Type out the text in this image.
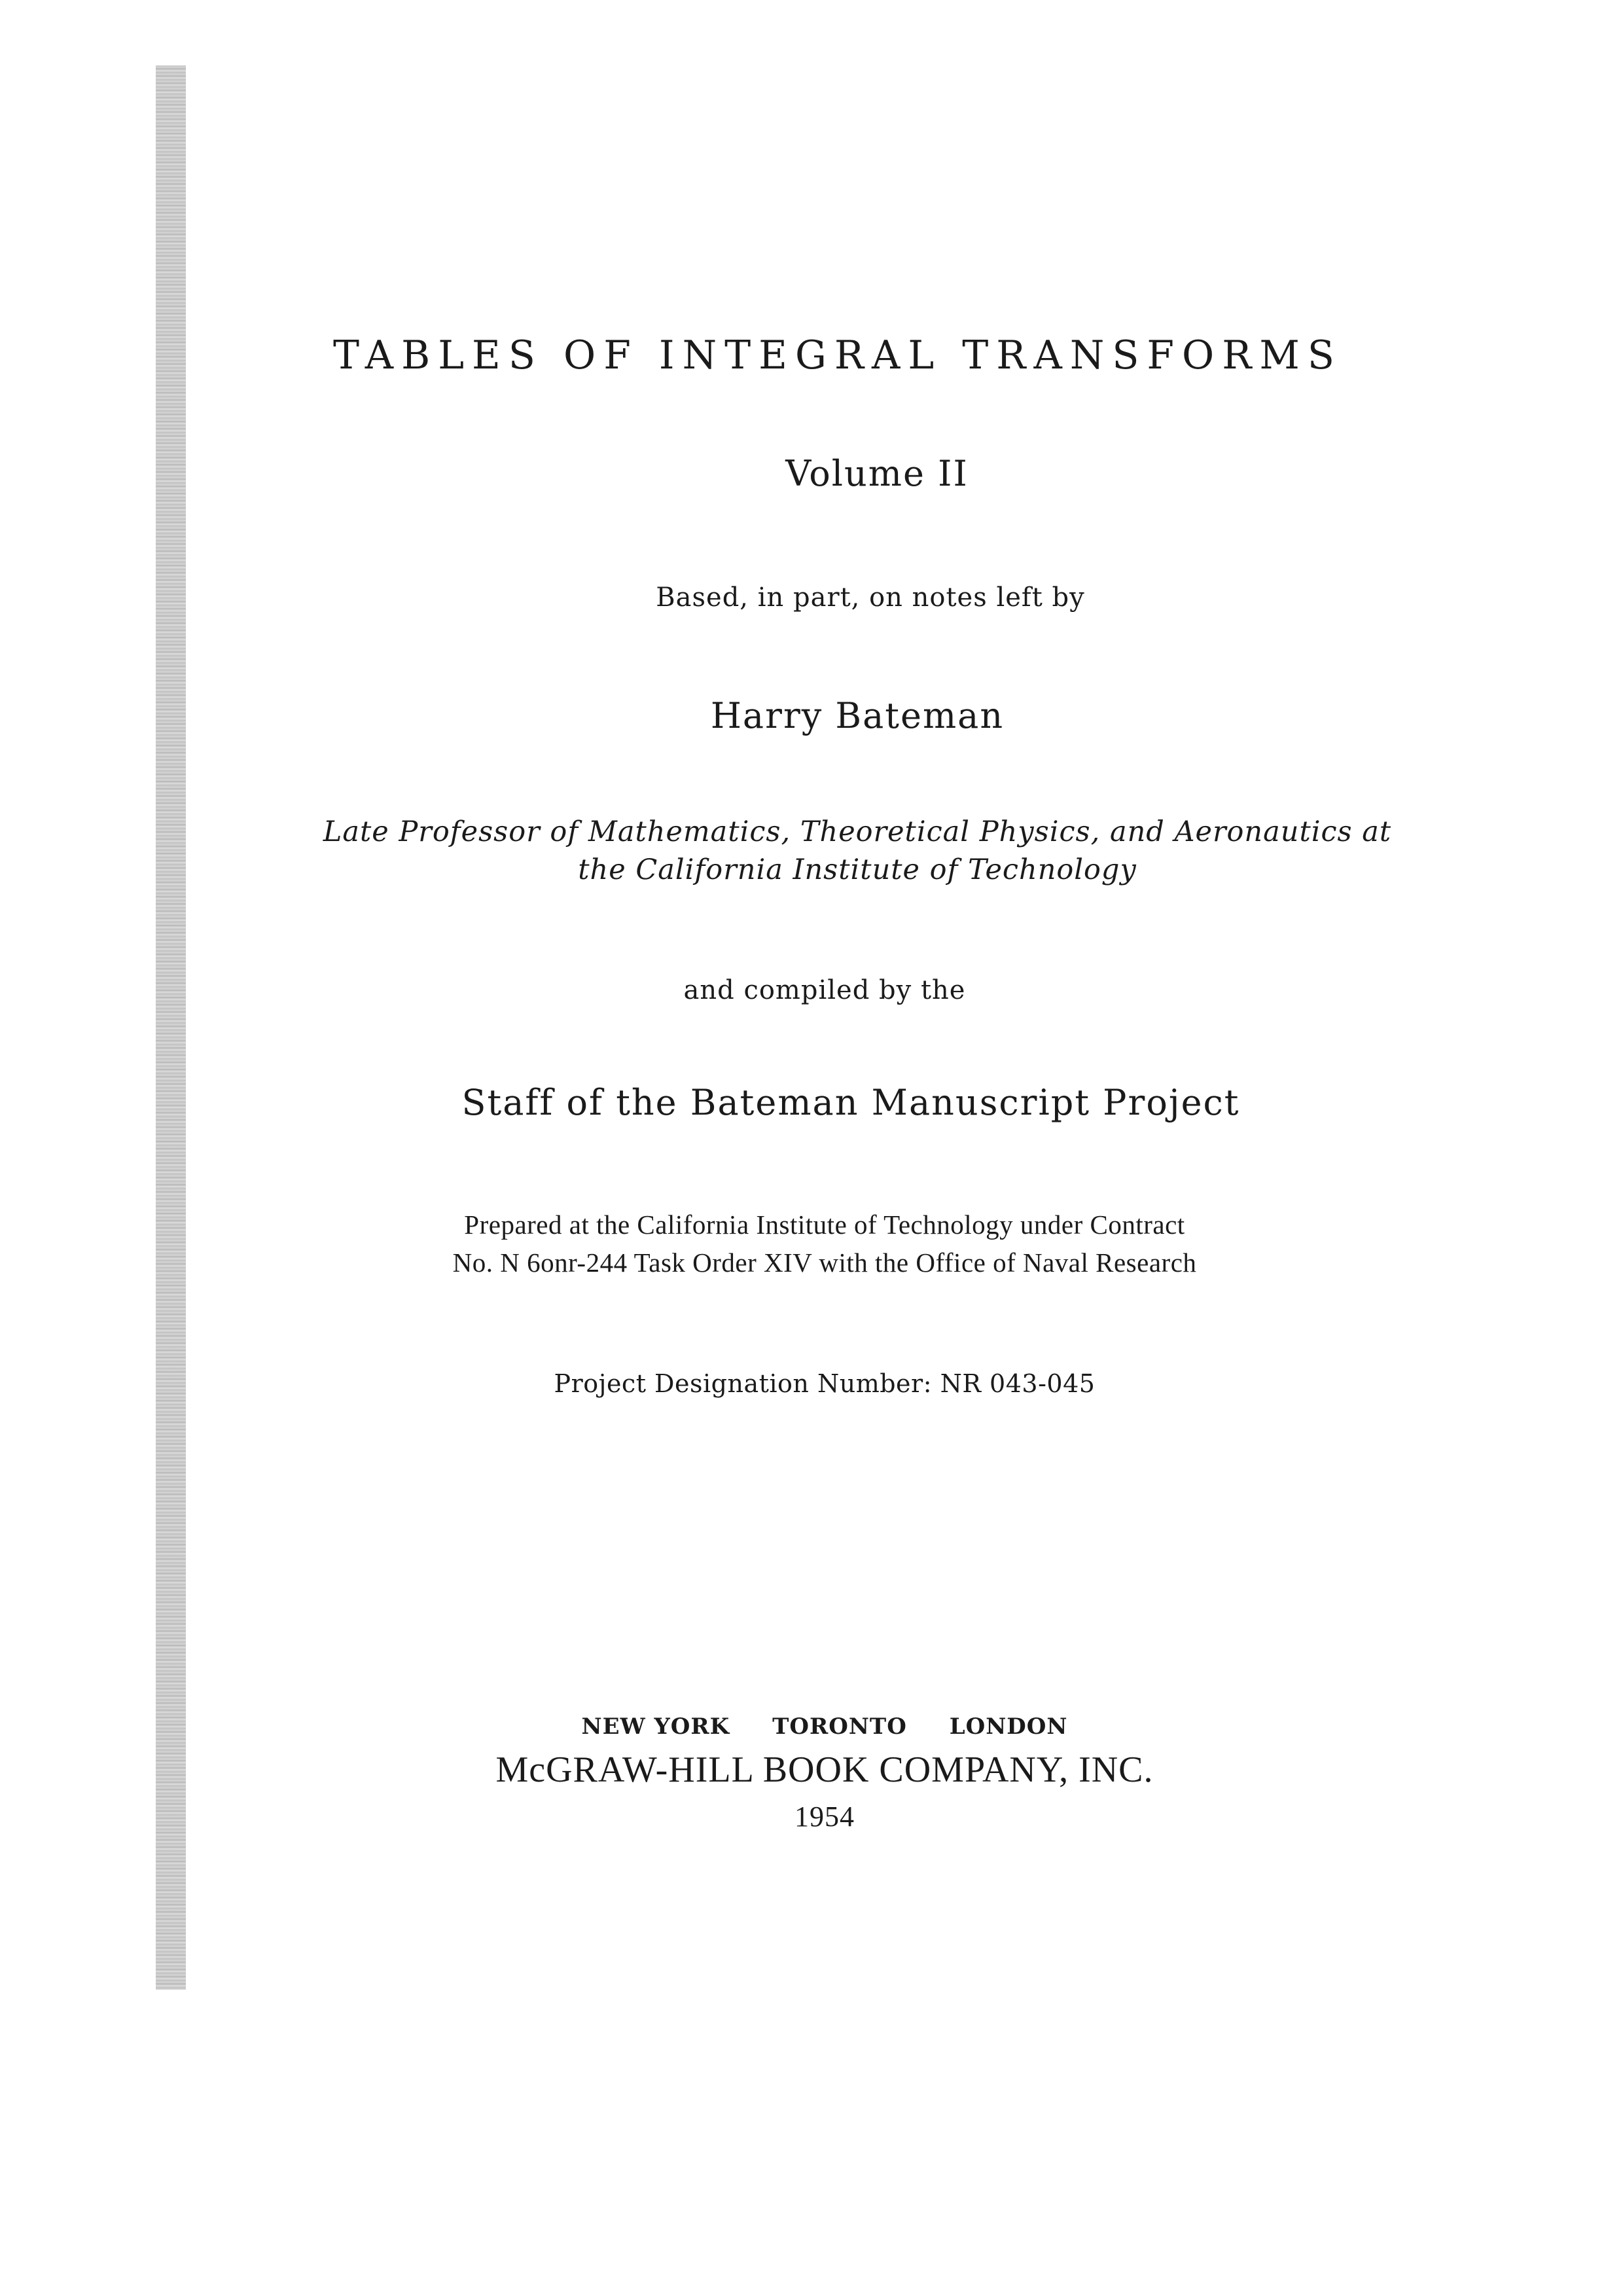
TABLES OF INTEGRAL TRANSFORMS
Volume II
Based, in part, on notes left by
Harry Bateman
Late Professor of Mathematics, Theoretical Physics, and Aeronautics at
the California Institute of Technology
and compiled by the
Staff of the Bateman Manuscript Project
Prepared at the California Institute of Technology under Contract
No. N 6onr-244 Task Order XIV with the Office of Naval Research
Project Designation Number: NR 043-045
NEW YORK TORONTO LONDON
McGRAW-HILL BOOK COMPANY, INC.
1954
